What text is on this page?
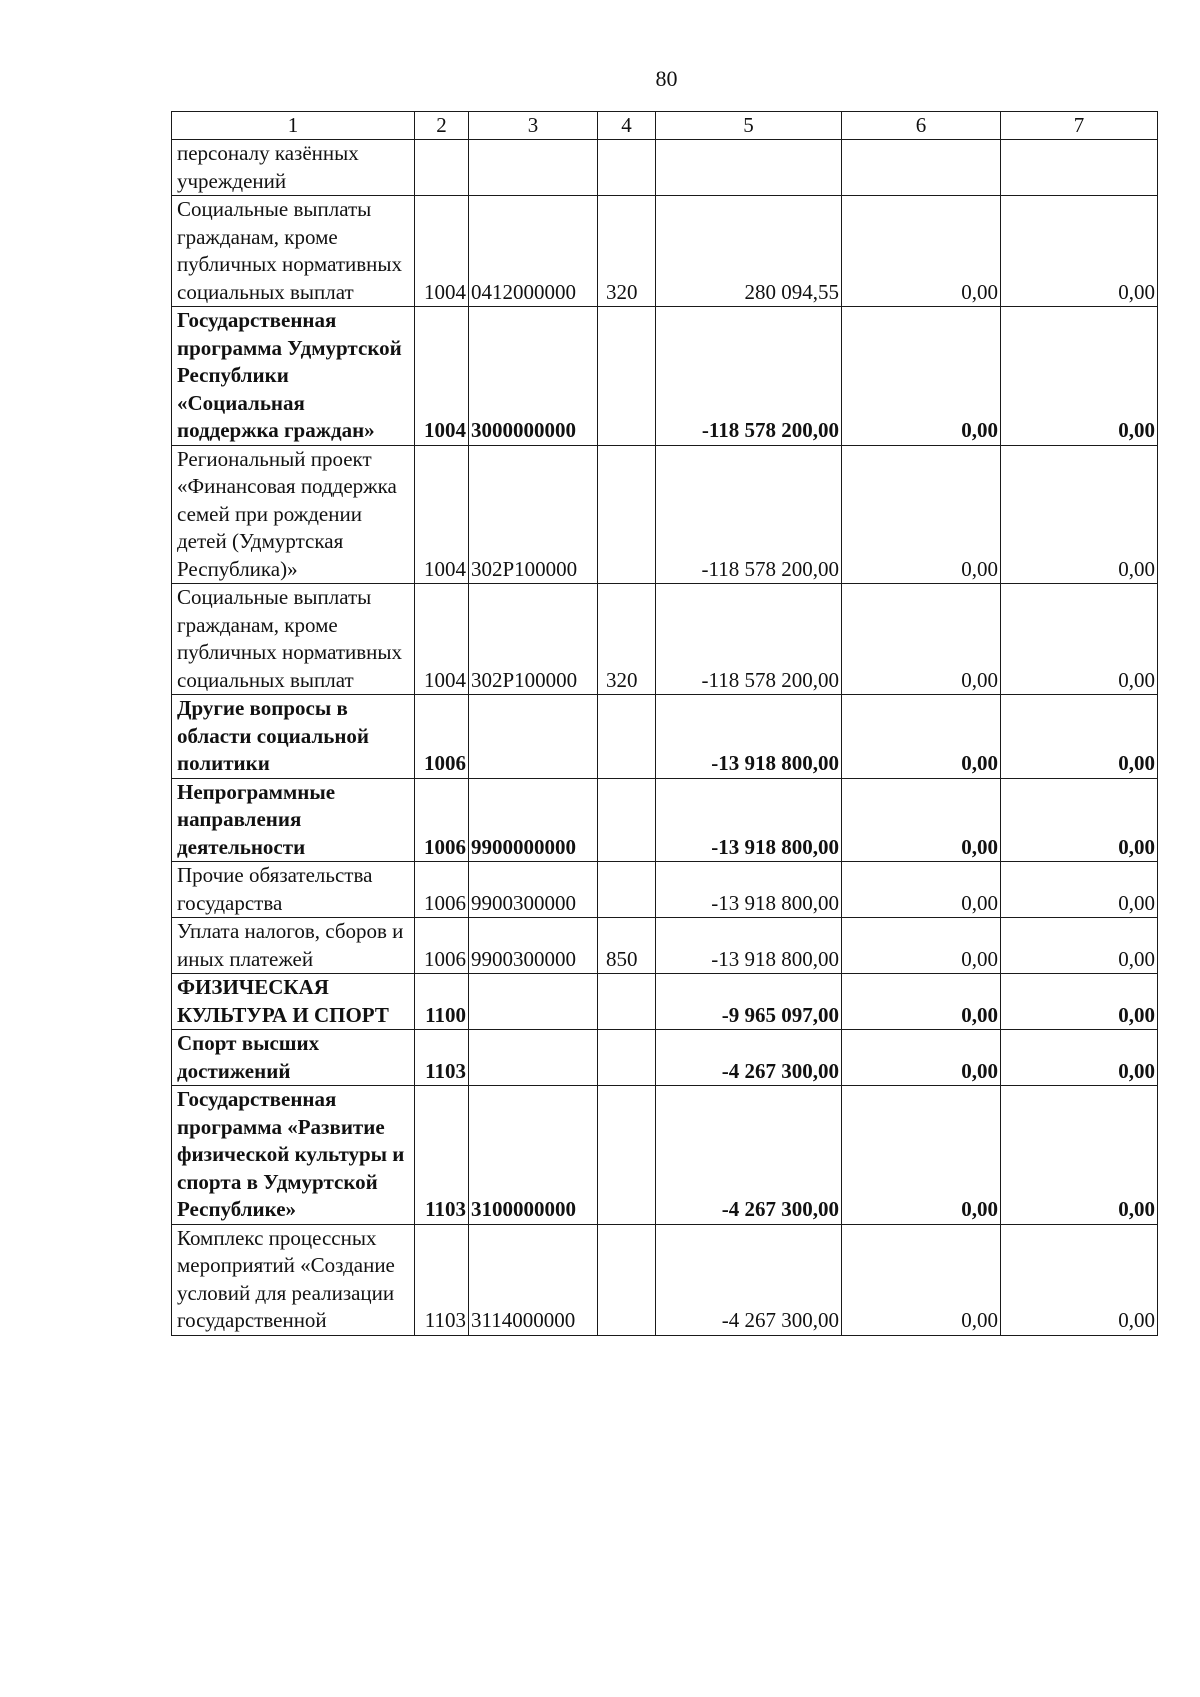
80
1	2	3	4	5	6	7
персоналу казённых учреждений						
Социальные выплаты гражданам, кроме публичных нормативных социальных выплат	1004	0412000000	320	280 094,55	0,00	0,00
Государственная программа Удмуртской Республики «Социальная поддержка граждан»	1004	3000000000		-118 578 200,00	0,00	0,00
Региональный проект «Финансовая поддержка семей при рождении детей (Удмуртская Республика)»	1004	302P100000		-118 578 200,00	0,00	0,00
Социальные выплаты гражданам, кроме публичных нормативных социальных выплат	1004	302P100000	320	-118 578 200,00	0,00	0,00
Другие вопросы в области социальной политики	1006			-13 918 800,00	0,00	0,00
Непрограммные направления деятельности	1006	9900000000		-13 918 800,00	0,00	0,00
Прочие обязательства государства	1006	9900300000		-13 918 800,00	0,00	0,00
Уплата налогов, сборов и иных платежей	1006	9900300000	850	-13 918 800,00	0,00	0,00
ФИЗИЧЕСКАЯ КУЛЬТУРА И СПОРТ	1100			-9 965 097,00	0,00	0,00
Спорт высших достижений	1103			-4 267 300,00	0,00	0,00
Государственная программа «Развитие физической культуры и спорта в Удмуртской Республике»	1103	3100000000		-4 267 300,00	0,00	0,00
Комплекс процессных мероприятий «Создание условий для реализации государственной	1103	3114000000		-4 267 300,00	0,00	0,00
